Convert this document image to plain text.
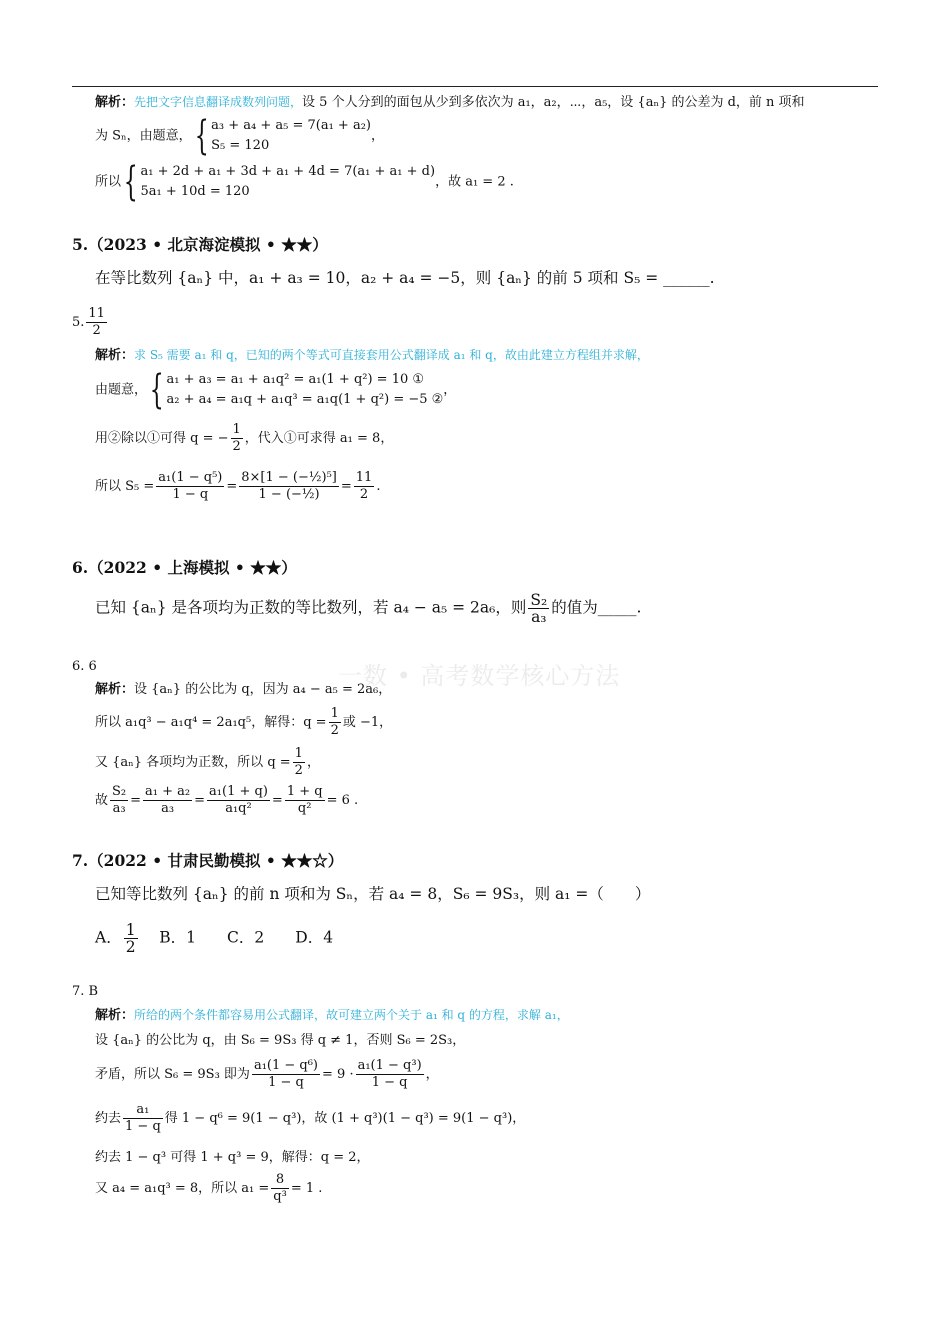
解析：先把文字信息翻译成数列问题，设 5 个人分到的面包从少到多依次为 a₁，a₂，⋯，a₅，设 {aₙ} 的公差为 d，前 n 项和
为 Sₙ，由题意，{ a₃ + a₄ + a₅ = 7(a₁ + a₂)
S₅ = 120
，
所以{ a₁ + 2d + a₁ + 3d + a₁ + 4d = 7(a₁ + a₁ + d)
5a₁ + 10d = 120
，故 a₁ = 2 .
5.（2023 • 北京海淀模拟 • ★★）
在等比数列 {aₙ} 中，a₁ + a₃ = 10，a₂ + a₄ = −5，则 {aₙ} 的前 5 项和 S₅ = ______.
5. $\frac{11}{2}$
解析：求 S₅ 需要 a₁ 和 q，已知的两个等式可直接套用公式翻译成 a₁ 和 q，故由此建立方程组并求解，
由题意，{ a₁ + a₃ = a₁ + a₁q² = a₁(1 + q²) = 10 ①
a₂ + a₄ = a₁q + a₁q³ = a₁q(1 + q²) = −5 ②
，
用②除以①可得 q = − $\frac{1}{2}$ ，代入①可求得 a₁ = 8，
所以 $S_5 = \frac{\text{a₁(1 − q⁵)}}{1 - q} = \frac{\text{8×[1 − (−½)⁵]}}{\text{1 − (−½)}} = \frac{11}{2}$ .
6.（2022 • 上海模拟 • ★★）
已知 {aₙ} 是各项均为正数的等比数列，若 a₄ − a₅ = 2a₆，则 $\frac{\text{S₂}}{\text{a₃}}$ 的值为_____.
一数 • 高考数学核心方法
6. 6
解析：设 {aₙ} 的公比为 q，因为 a₄ − a₅ = 2a₆，
所以 a₁q³ − a₁q⁴ = 2a₁q⁵，解得：$q = \frac{1}{2}$ 或 −1，
又 {aₙ} 各项均为正数，所以 $q = \frac{1}{2}$ ，
故 $\frac{\text{S₂}}{\text{a₃}} = \frac{\text{a₁ + a₂}}{\text{a₃}} = \frac{\text{a₁(1 + q)}}{\text{a₁q²}} = \frac{1 + q}{\text{q²}} = 6$ .
7.（2022 • 甘肃民勤模拟 • ★★☆）
已知等比数列 {aₙ} 的前 n 项和为 Sₙ，若 a₄ = 8，S₆ = 9S₃，则 a₁ =（　　）
A． $\frac{1}{2}$ B．1　　C．2　　D．4
7. B
解析：所给的两个条件都容易用公式翻译，故可建立两个关于 a₁ 和 q 的方程，求解 a₁，
设 {aₙ} 的公比为 q，由 S₆ = 9S₃ 得 q ≠ 1，否则 S₆ = 2S₃，
矛盾，所以 S₆ = 9S₃ 即为 $\frac{\text{a₁(1 − q⁶)}}{1 - q} = 9 \cdot \frac{\text{a₁(1 − q³)}}{1 - q}$ ，
约去 $\frac{\text{a₁}}{1 - q}$ 得 1 − q⁶ = 9(1 − q³)，故 (1 + q³)(1 − q³) = 9(1 − q³)，
约去 1 − q³ 可得 1 + q³ = 9，解得：q = 2，
又 a₄ = a₁q³ = 8，所以 $a_1 = \frac{8}{\text{q³}} = 1$ .
